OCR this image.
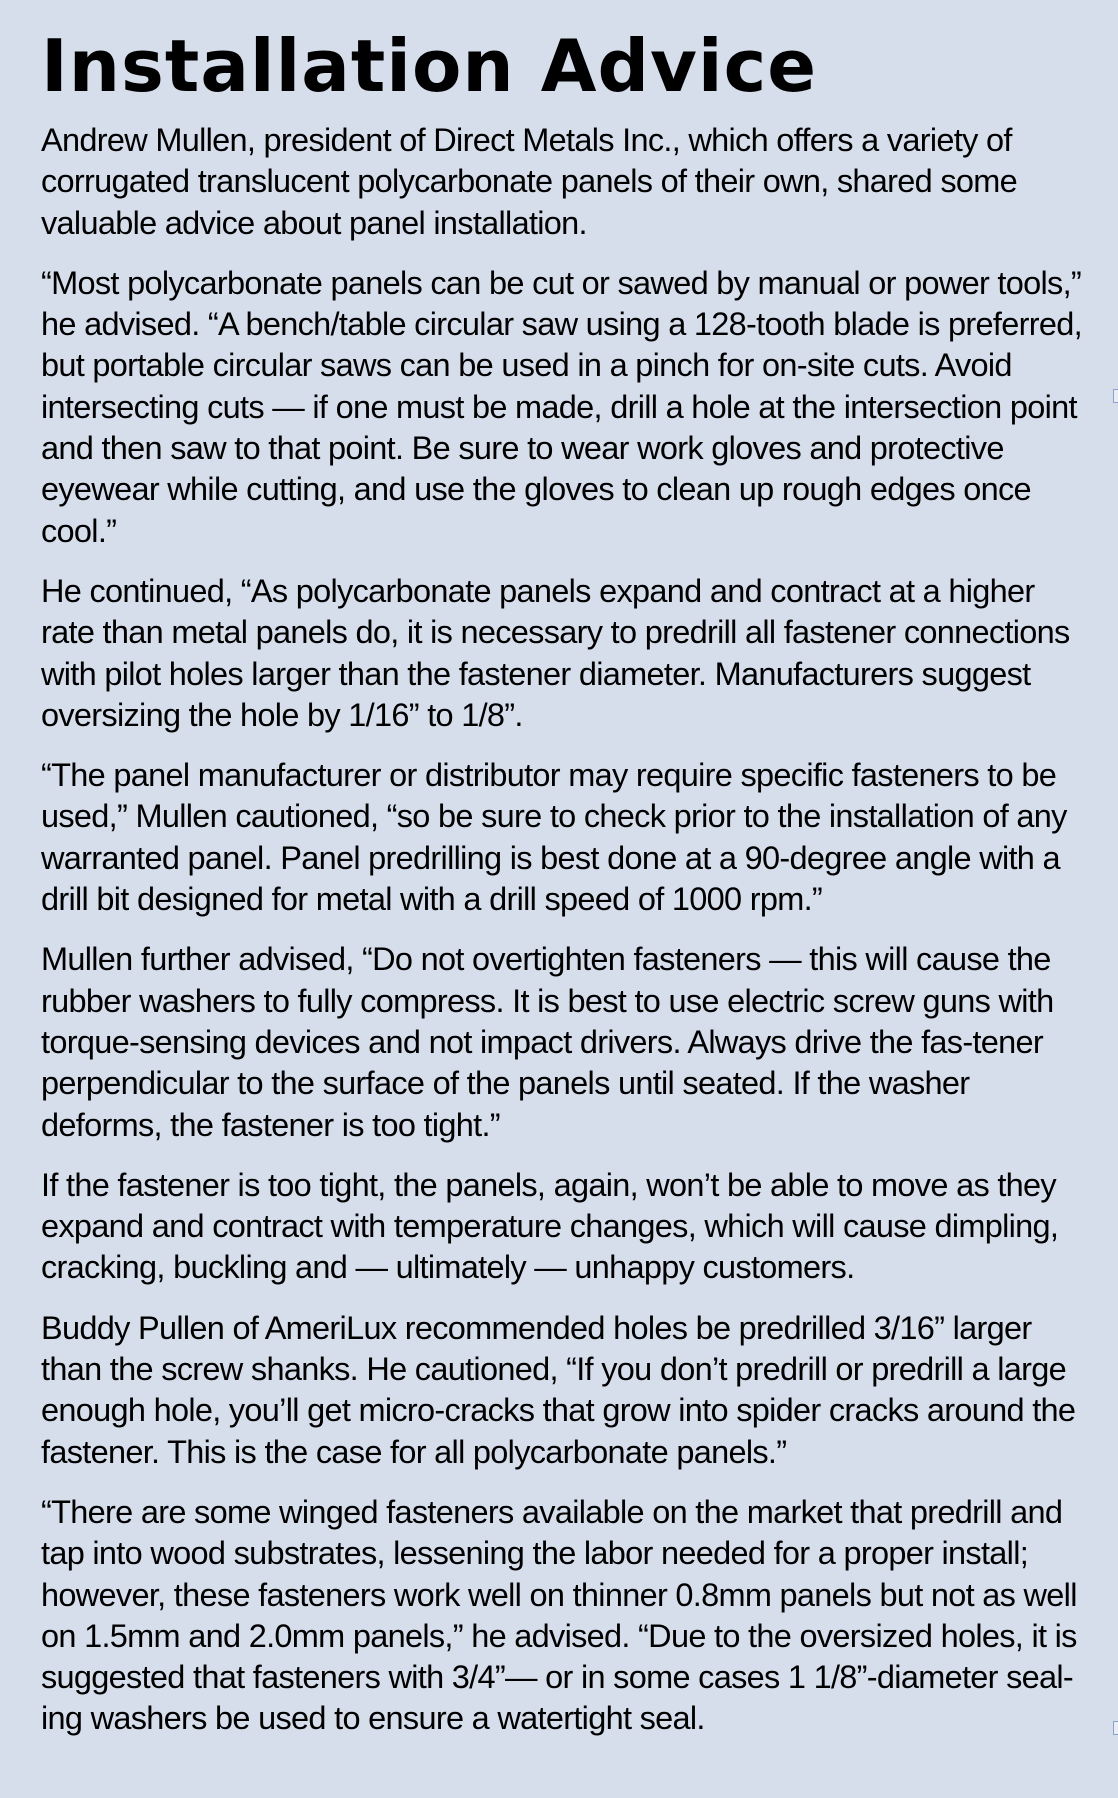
Installation Advice

Andrew Mullen, president of Direct Metals Inc., which offers a variety of corrugated translucent polycarbonate panels of their own, shared some valuable advice about panel installation.

“Most polycarbonate panels can be cut or sawed by manual or power tools,” he advised. “A bench/table circular saw using a 128-tooth blade is preferred, but portable circular saws can be used in a pinch for on-site cuts. Avoid intersecting cuts — if one must be made, drill a hole at the intersection point and then saw to that point. Be sure to wear work gloves and protective eyewear while cutting, and use the gloves to clean up rough edges once cool.”

He continued, “As polycarbonate panels expand and contract at a higher rate than metal panels do, it is necessary to predrill all fastener connections with pilot holes larger than the fastener diameter. Manufacturers suggest oversizing the hole by 1/16” to 1/8”.

“The panel manufacturer or distributor may require specific fasteners to be used,” Mullen cautioned, “so be sure to check prior to the installation of any warranted panel. Panel predrilling is best done at a 90-degree angle with a drill bit designed for metal with a drill speed of 1000 rpm.”

Mullen further advised, “Do not overtighten fasteners — this will cause the rubber washers to fully compress. It is best to use electric screw guns with torque-sensing devices and not impact drivers. Always drive the fas-tener perpendicular to the surface of the panels until seated. If the washer deforms, the fastener is too tight.”

If the fastener is too tight, the panels, again, won’t be able to move as they expand and contract with temperature changes, which will cause dimpling, cracking, buckling and — ultimately — unhappy customers.

Buddy Pullen of AmeriLux recommended holes be predrilled 3/16” larger than the screw shanks. He cautioned, “If you don’t predrill or predrill a large enough hole, you’ll get micro-cracks that grow into spider cracks around the fastener. This is the case for all polycarbonate panels.”

“There are some winged fasteners available on the market that predrill and tap into wood substrates, lessening the labor needed for a proper install; however, these fasteners work well on thinner 0.8mm panels but not as well on 1.5mm and 2.0mm panels,” he advised. “Due to the oversized holes, it is suggested that fasteners with 3/4”— or in some cases 1 1/8”-diameter seal-ing washers be used to ensure a watertight seal.
